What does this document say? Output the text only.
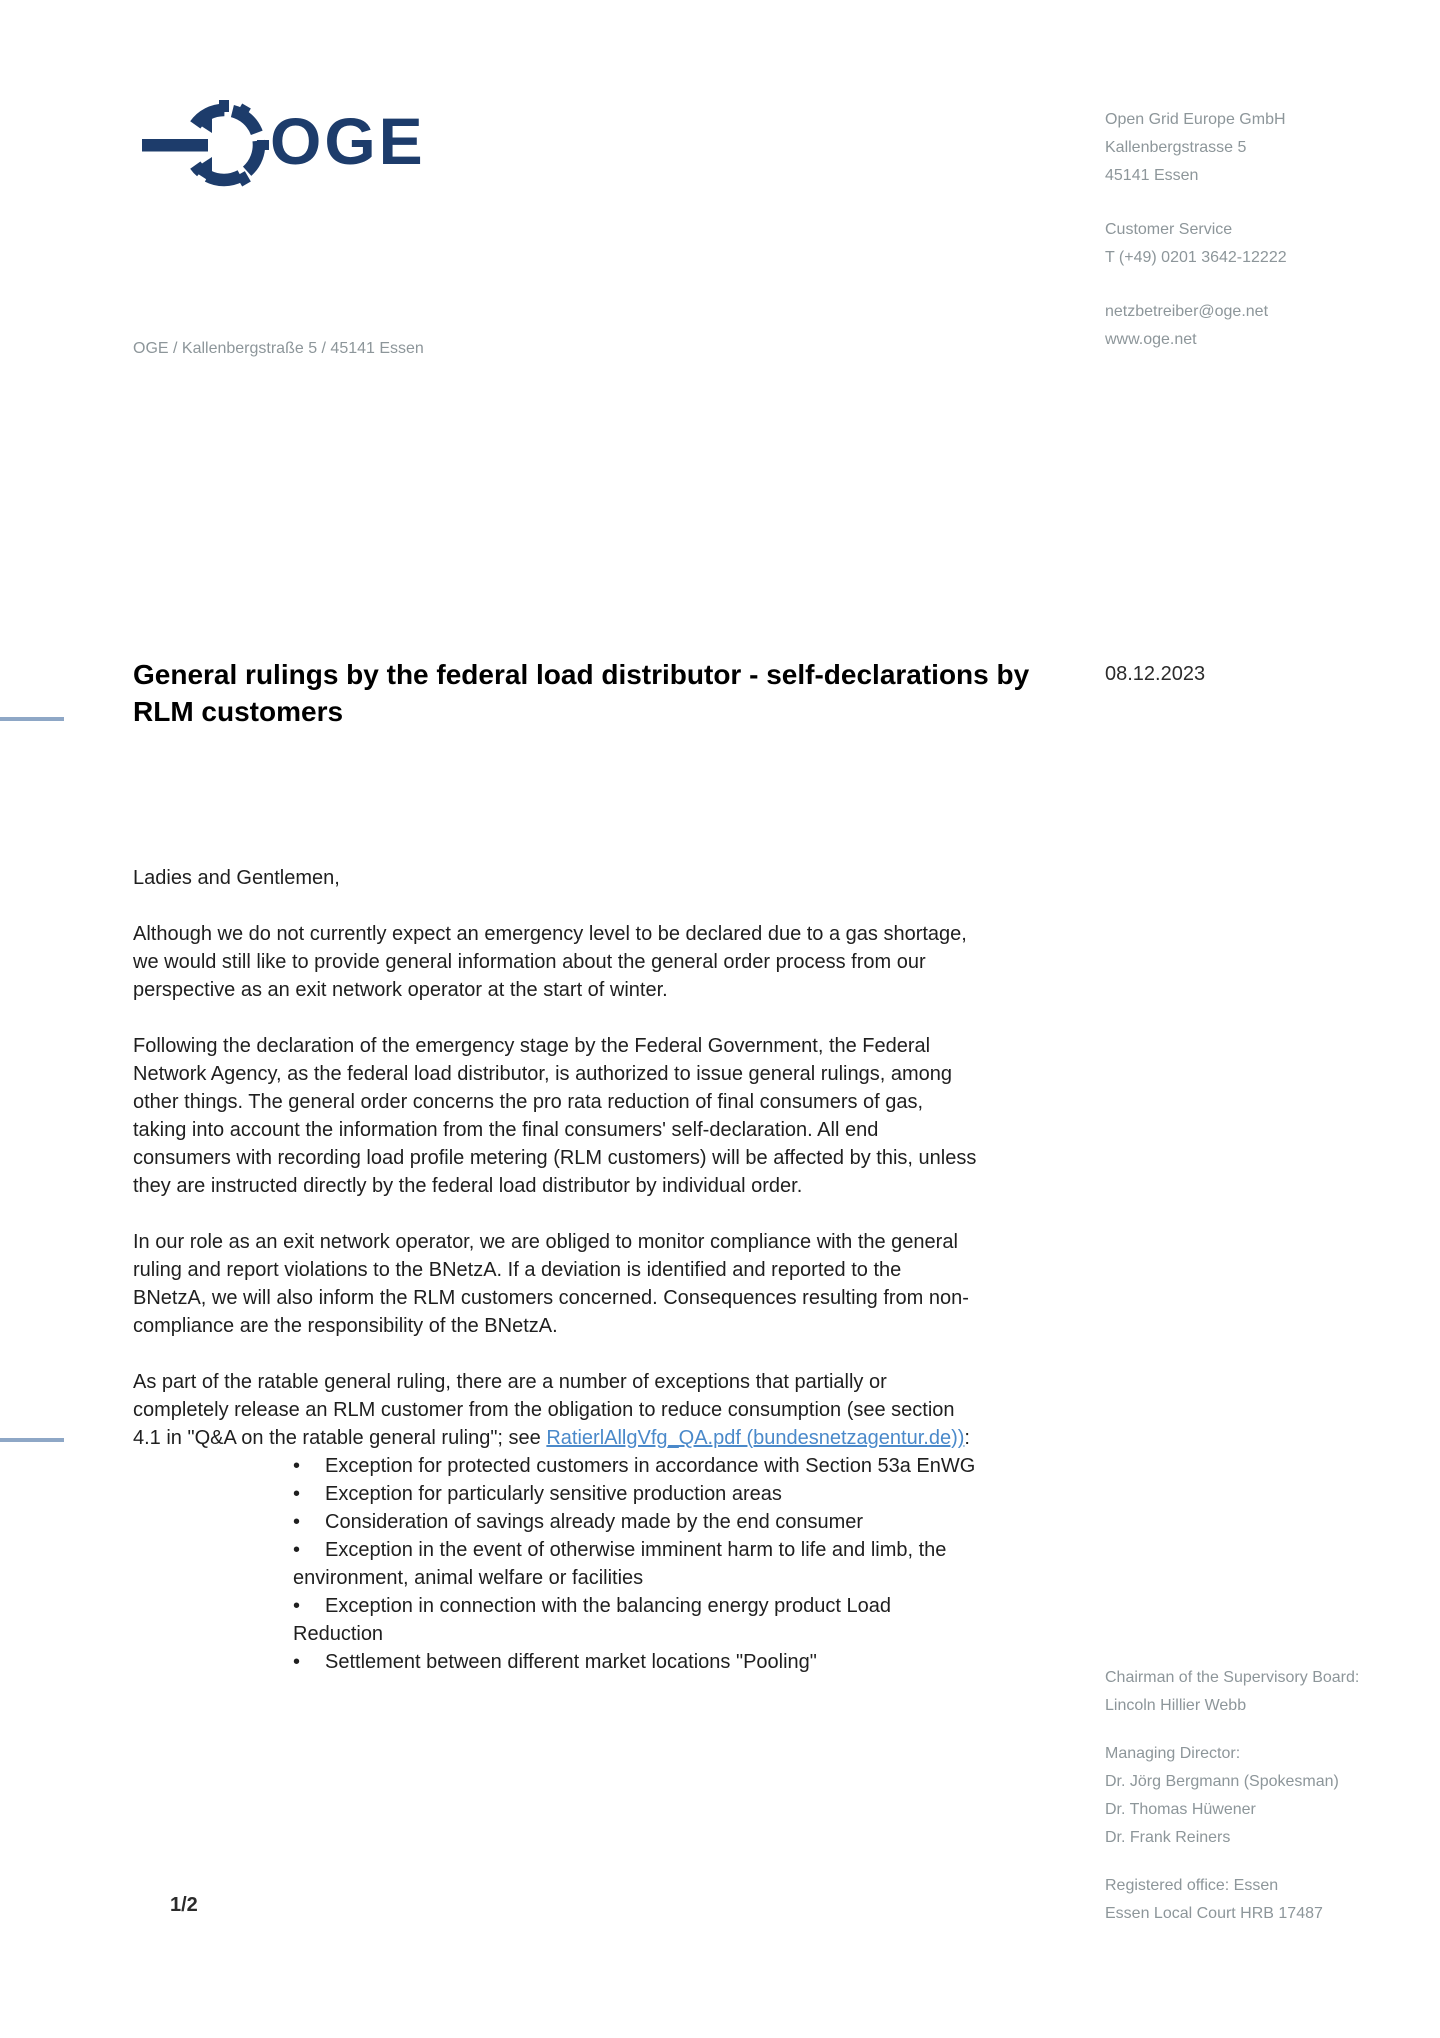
OGE	Open Grid Europe GmbH
Kallenbergstrasse 5
45141 Essen
Customer Service
T (+49) 0201 3642-12222
netzbetreiber@oge.net
www.oge.net
OGE / Kallenbergstraße 5 / 45141 Essen
General rulings by the federal load distributor - self-declarations by RLM customers
08.12.2023

Ladies and Gentlemen,

Although we do not currently expect an emergency level to be declared due to a gas shortage, we would still like to provide general information about the general order process from our perspective as an exit network operator at the start of winter.

Following the declaration of the emergency stage by the Federal Government, the Federal Network Agency, as the federal load distributor, is authorized to issue general rulings, among other things. The general order concerns the pro rata reduction of final consumers of gas, taking into account the information from the final consumers' self-declaration. All end consumers with recording load profile metering (RLM customers) will be affected by this, unless they are instructed directly by the federal load distributor by individual order.

In our role as an exit network operator, we are obliged to monitor compliance with the general ruling and report violations to the BNetzA. If a deviation is identified and reported to the BNetzA, we will also inform the RLM customers concerned. Consequences resulting from non-compliance are the responsibility of the BNetzA.

As part of the ratable general ruling, there are a number of exceptions that partially or completely release an RLM customer from the obligation to reduce consumption (see section 4.1 in "Q&A on the ratable general ruling"; see RatierlAllgVfg_QA.pdf (bundesnetzagentur.de)):

• Exception for protected customers in accordance with Section 53a EnWG
• Exception for particularly sensitive production areas
• Consideration of savings already made by the end consumer
• Exception in the event of otherwise imminent harm to life and limb, the environment, animal welfare or facilities
• Exception in connection with the balancing energy product Load Reduction
• Settlement between different market locations "Pooling"
Chairman of the Supervisory Board:
Lincoln Hillier Webb
Managing Director:
Dr. Jörg Bergmann (Spokesman)
Dr. Thomas Hüwener
Dr. Frank Reiners
Registered office: Essen
Essen Local Court HRB 17487
1/2
